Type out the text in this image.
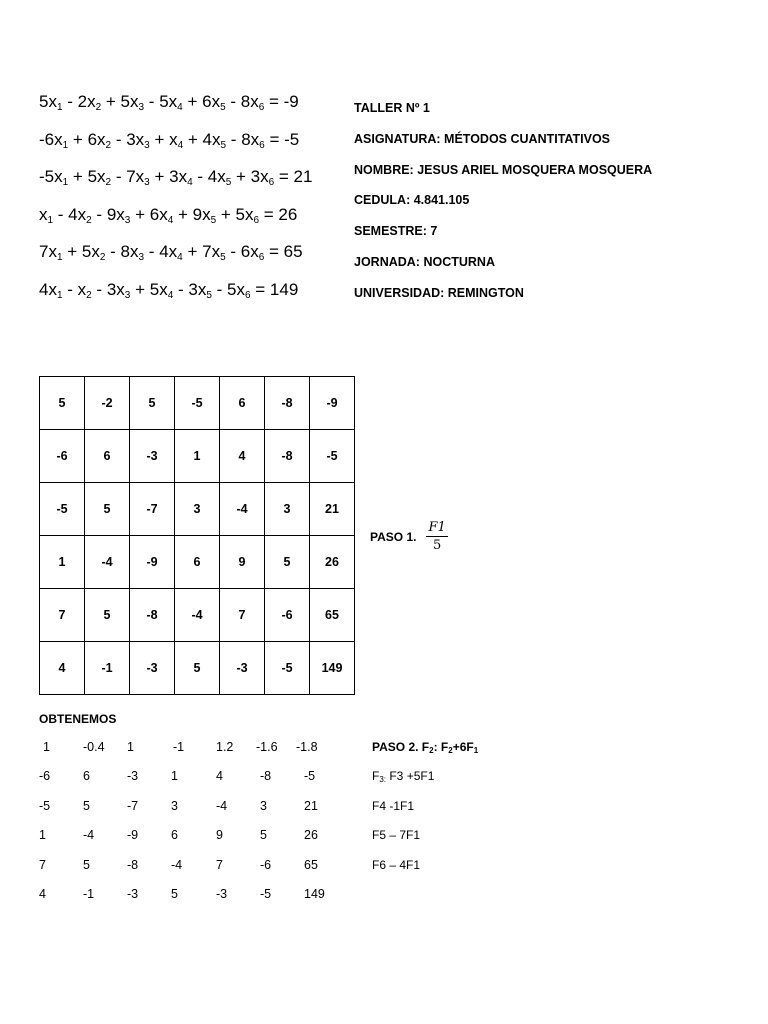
$5x_1 - 2x_2 + 5x_3 - 5x_4 + 6x_5 - 8x_6 = -9$
$-6x_1 + 6x_2 - 3x_3 + x_4 + 4x_5 - 8x_6 = -5$
$-5x_1 + 5x_2 - 7x_3 + 3x_4 - 4x_5 + 3x_6 = 21$
$x_1 - 4x_2 - 9x_3 + 6x_4 + 9x_5 + 5x_6 = 26$
$7x_1 + 5x_2 - 8x_3 - 4x_4 + 7x_5 - 6x_6 = 65$
$4x_1 - x_2 - 3x_3 + 5x_4 - 3x_5 - 5x_6 = 149$
TALLER Nº 1
ASIGNATURA: MÉTODOS CUANTITATIVOS
NOMBRE: JESUS ARIEL MOSQUERA MOSQUERA
CEDULA: 4.841.105
SEMESTRE: 7
JORNADA: NOCTURNA
UNIVERSIDAD: REMINGTON
5	-2	5	-5	6	-8	-9
-6	6	-3	1	4	-8	-5
-5	5	-7	3	-4	3	21
1	-4	-9	6	9	5	26
7	5	-8	-4	7	-6	65
4	-1	-3	5	-3	-5	149
PASO 1. $\frac{F1}{5}$
OBTENEMOS
1	-0.4 1	-1	1.2 -1.6 -1.8	PASO 2. $F_2$: $F_2+6F_1$
-6	6	-3	1	4	-8	-5	$F_{3:}$ F3 +5F1
-5	5	-7	3	-4	3	21	F4 -1F1
1	-4	-9	6	9	5	26	F5 – 7F1
7	5	-8	-4	7	-6	65	F6 – 4F1
4	-1	-3	5	-3	-5	149
